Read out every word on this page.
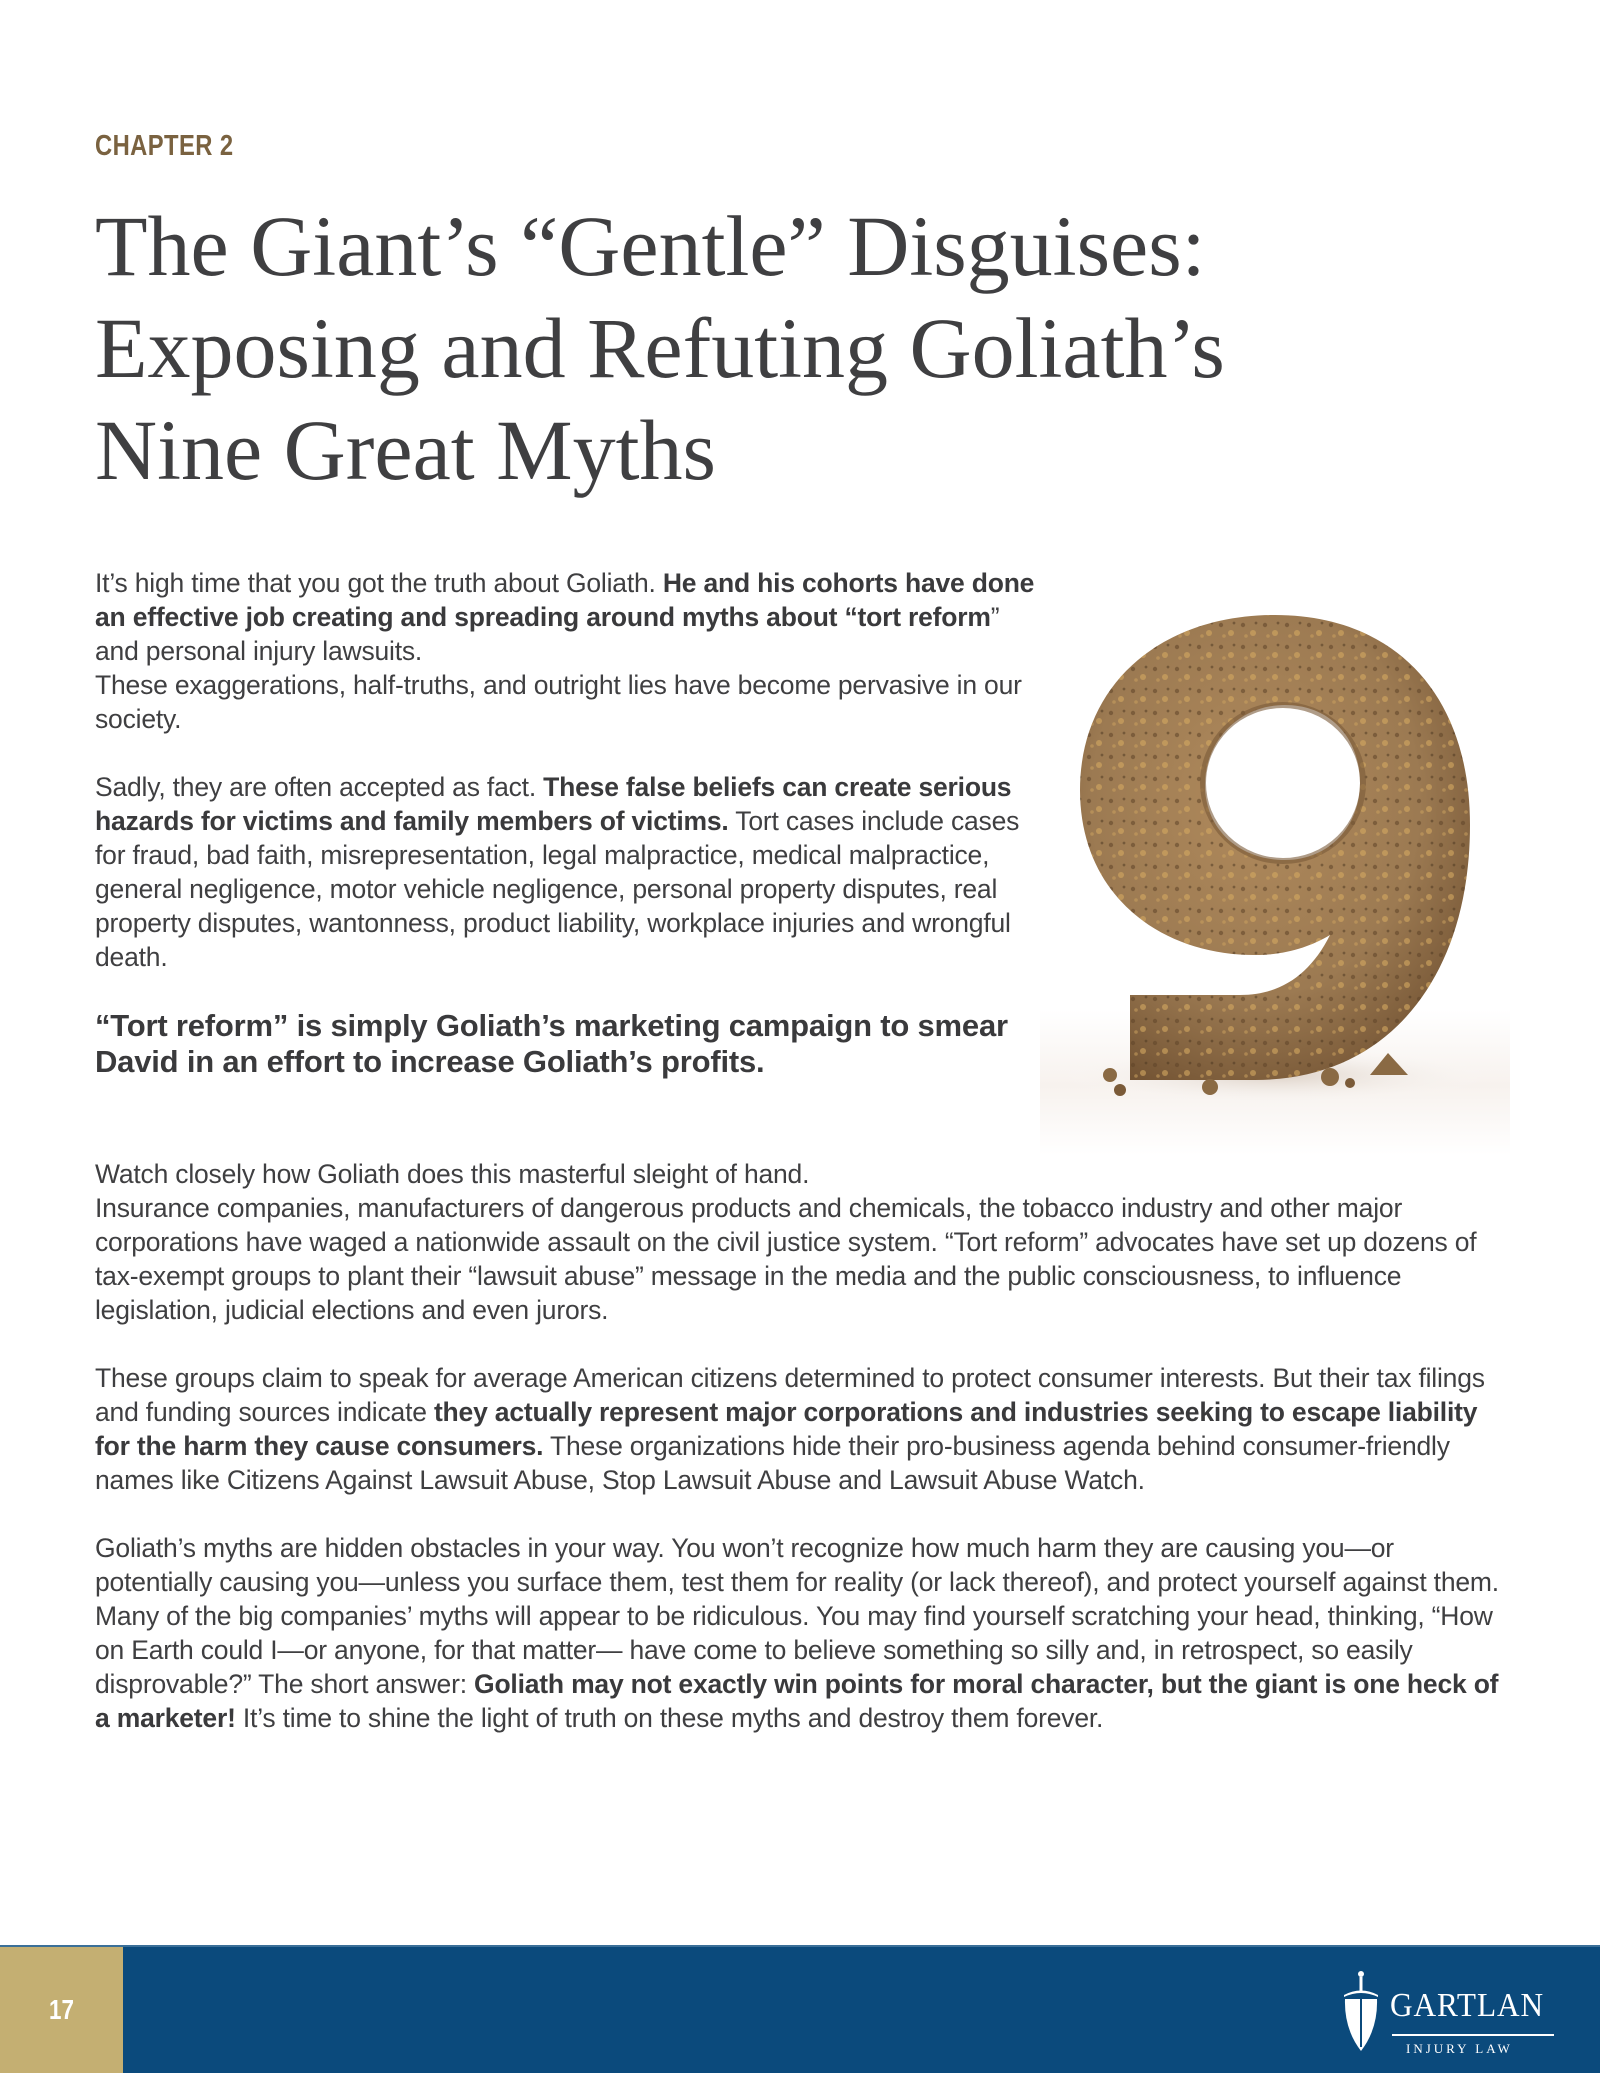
CHAPTER 2
The Giant’s “Gentle” Disguises:
Exposing and Refuting Goliath’s
Nine Great Myths

It’s high time that you got the truth about Goliath. He and his cohorts have done an effective job creating and spreading around myths about “tort reform” and personal injury lawsuits.
These exaggerations, half-truths, and outright lies have become pervasive in our society.

Sadly, they are often accepted as fact. These false beliefs can create serious hazards for victims and family members of victims. Tort cases include cases for fraud, bad faith, misrepresentation, legal malpractice, medical malpractice, general negligence, motor vehicle negligence, personal property disputes, real property disputes, wantonness, product liability, workplace injuries and wrongful death.

“Tort reform” is simply Goliath’s marketing campaign to smear David in an effort to increase Goliath’s profits.

Watch closely how Goliath does this masterful sleight of hand.
Insurance companies, manufacturers of dangerous products and chemicals, the tobacco industry and other major corporations have waged a nationwide assault on the civil justice system. “Tort reform” advocates have set up dozens of tax-exempt groups to plant their “lawsuit abuse” message in the media and the public consciousness, to influence legislation, judicial elections and even jurors.

These groups claim to speak for average American citizens determined to protect consumer interests. But their tax filings and funding sources indicate they actually represent major corporations and industries seeking to escape liability for the harm they cause consumers. These organizations hide their pro-business agenda behind consumer-friendly names like Citizens Against Lawsuit Abuse, Stop Lawsuit Abuse and Lawsuit Abuse Watch.

Goliath’s myths are hidden obstacles in your way. You won’t recognize how much harm they are causing you—or potentially causing you—unless you surface them, test them for reality (or lack thereof), and protect yourself against them.

Many of the big companies’ myths will appear to be ridiculous. You may find yourself scratching your head, thinking, “How on Earth could I—or anyone, for that matter— have come to believe something so silly and, in retrospect, so easily disprovable?” The short answer: Goliath may not exactly win points for moral character, but the giant is one heck of a marketer! It’s time to shine the light of truth on these myths and destroy them forever.

17	GARTLAN
INJURY LAW
